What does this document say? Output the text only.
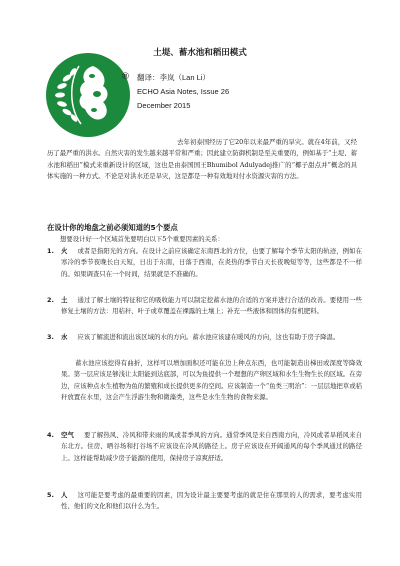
®
土堤、蓄水池和稻田模式
翻译：李岚（Lan Li）
ECHO Asia Notes, Issue 26
December 2015
去年初泰国经历了它20年以来最严重的旱灾。就在4年前，又经历了最严重的洪水。自然灾害的发生越来越平常和严重；因此建立防御机制是至关重要的，例如基于“土堤、蓄水池和稻田”模式来重新设计的区域，这也是由泰国国王Bhumibol Adulyadej推广的“椰子甜点并”概念的具体实施的一种方式。不论是对洪水还是旱灾，这是都是一种有效地对付水资源灾害的方法。
在设计你的地盘之前必须知道的5个要点
想要设计好一个区域首先要明白以下5个重要因素的关系：
1. 火 或者是指阳光的方向。在设计之前应该确定东南西北的方位，也要了解每个季节太阳的轨迹，例如在寒冷的季节夜晚长白天短，日出于东南，日落于西南，在炎热的季节白天长夜晚短等等，这些都是不一样的。如果调查只在一个时间，结果就是不准确的。
2. 土 通过了解土壤的特征和它的吸收能力可以制定挖蓄水池的合适的方案并进行合适的改善。要使用一些修复土壤的方法：用秸秆、叶子或草覆盖在裸露的土壤上；补充一些液体和固体的有机肥料。
3. 水 应该了解流进和流出该区域的水的方向。蓄水池应该建在暖风的方向，这也有助于房子降温。
蓄水池应该挖得有曲折，这样可以增加面积还可能在边上种点东西，也可能制造出梯田或深度等降效果。第一层应该足够浅让太阳能到达底部，可以为鱼提供一个理想的产卵区域和水生生物生长的区域。在旁边，应该种点水生植物为鱼的繁殖和成长提供更多的空间。应该制造一个“鱼类三明治”：一层层地把草或秸秆放置在水里，这会产生浮游生物和微藻类，这些是水生生物的食物来源。
4. 空气 要了解热风、冷风和带来雨的风或者季风的方向。通常季风是来自西南方向，冷风或者旱稻风来自东北方。住房、晒谷场和打谷场不应该设在冷风的路径上。房子应该设在开阔通风的每个季风通过的路径上。这样能帮助减少房子能源的使用，保持房子凉爽舒适。
5. 人 这可能是要考虑的最重要的因素，因为设计最主要要考虑的就是住在那里的人的需求，要考虑实用性、他们的文化和他们以什么为生。
